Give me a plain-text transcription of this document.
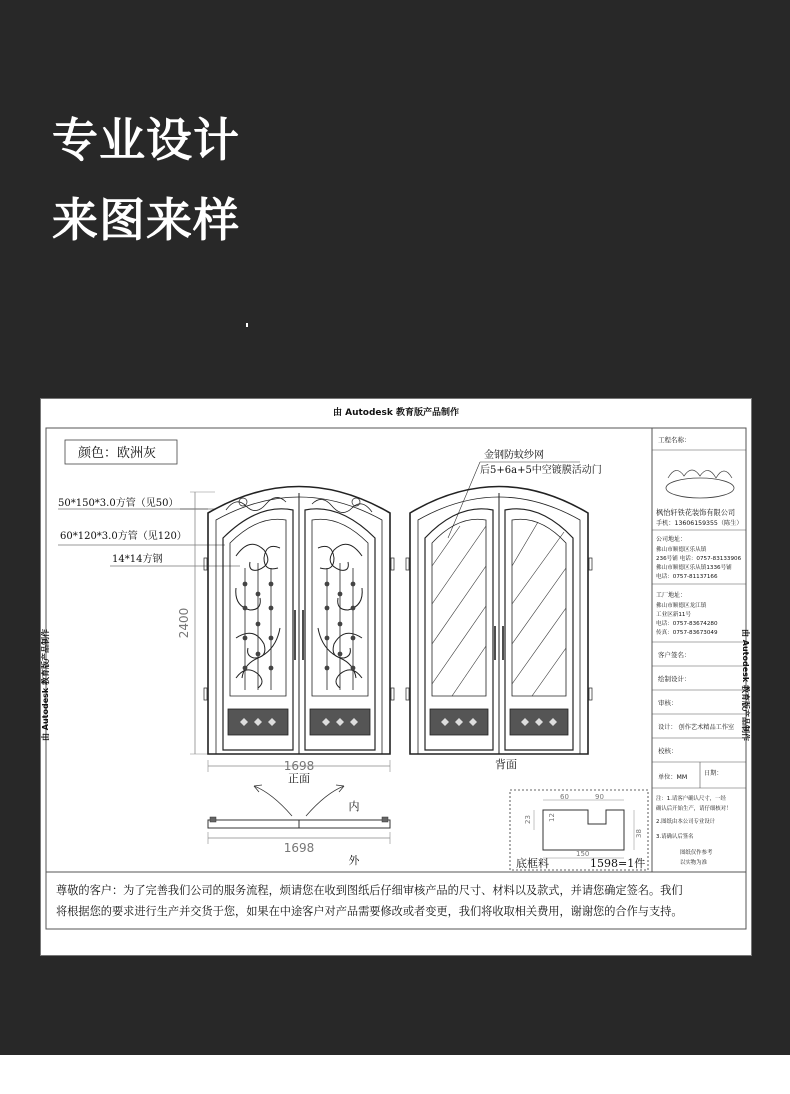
专业设计
来图来样
由 Autodesk 教育版产品制作
由 Autodesk 教育版产品制作	由 Autodesk 教育版产品制作
颜色：欧洲灰
50*150*3.0方管（见50）
60*120*3.0方管（见120）
14*14方钢
金钢防蚊纱网
后5+6a+5中空镀膜活动门
2400
1698
正面
背面
1698
内
外
60	90
23 12
38
150
底框料	1598=1件
尊敬的客户：为了完善我们公司的服务流程，烦请您在收到图纸后仔细审核产品的尺寸、材料以及款式，并请您确定签名。我们
将根据您的要求进行生产并交货于您，如果在中途客户对产品需要修改或者变更，我们将收取相关费用，谢谢您的合作与支持。
工程名称：
枫怡轩铁花装饰有限公司
手机：13606159355（陈生）
公司地址：
佛山市顺德区乐从镇
236号铺 电话：0757-83133906
佛山市顺德区乐从镇1336号铺
电话：0757-81137166
工厂地址：
佛山市顺德区龙江镇
工业区新11号
电话：0757-83674280
传真：0757-83673049
客户签名：
绘制设计：
审核：
设计： 创作艺术精品工作室
校核：
单位：MM
日期：
注：1.请客户确认尺寸，一经
确认后开始生产，请仔细核对！
2.图纸由本公司专业设计
3.请确认后签名
图纸仅作参考
以实物为准
